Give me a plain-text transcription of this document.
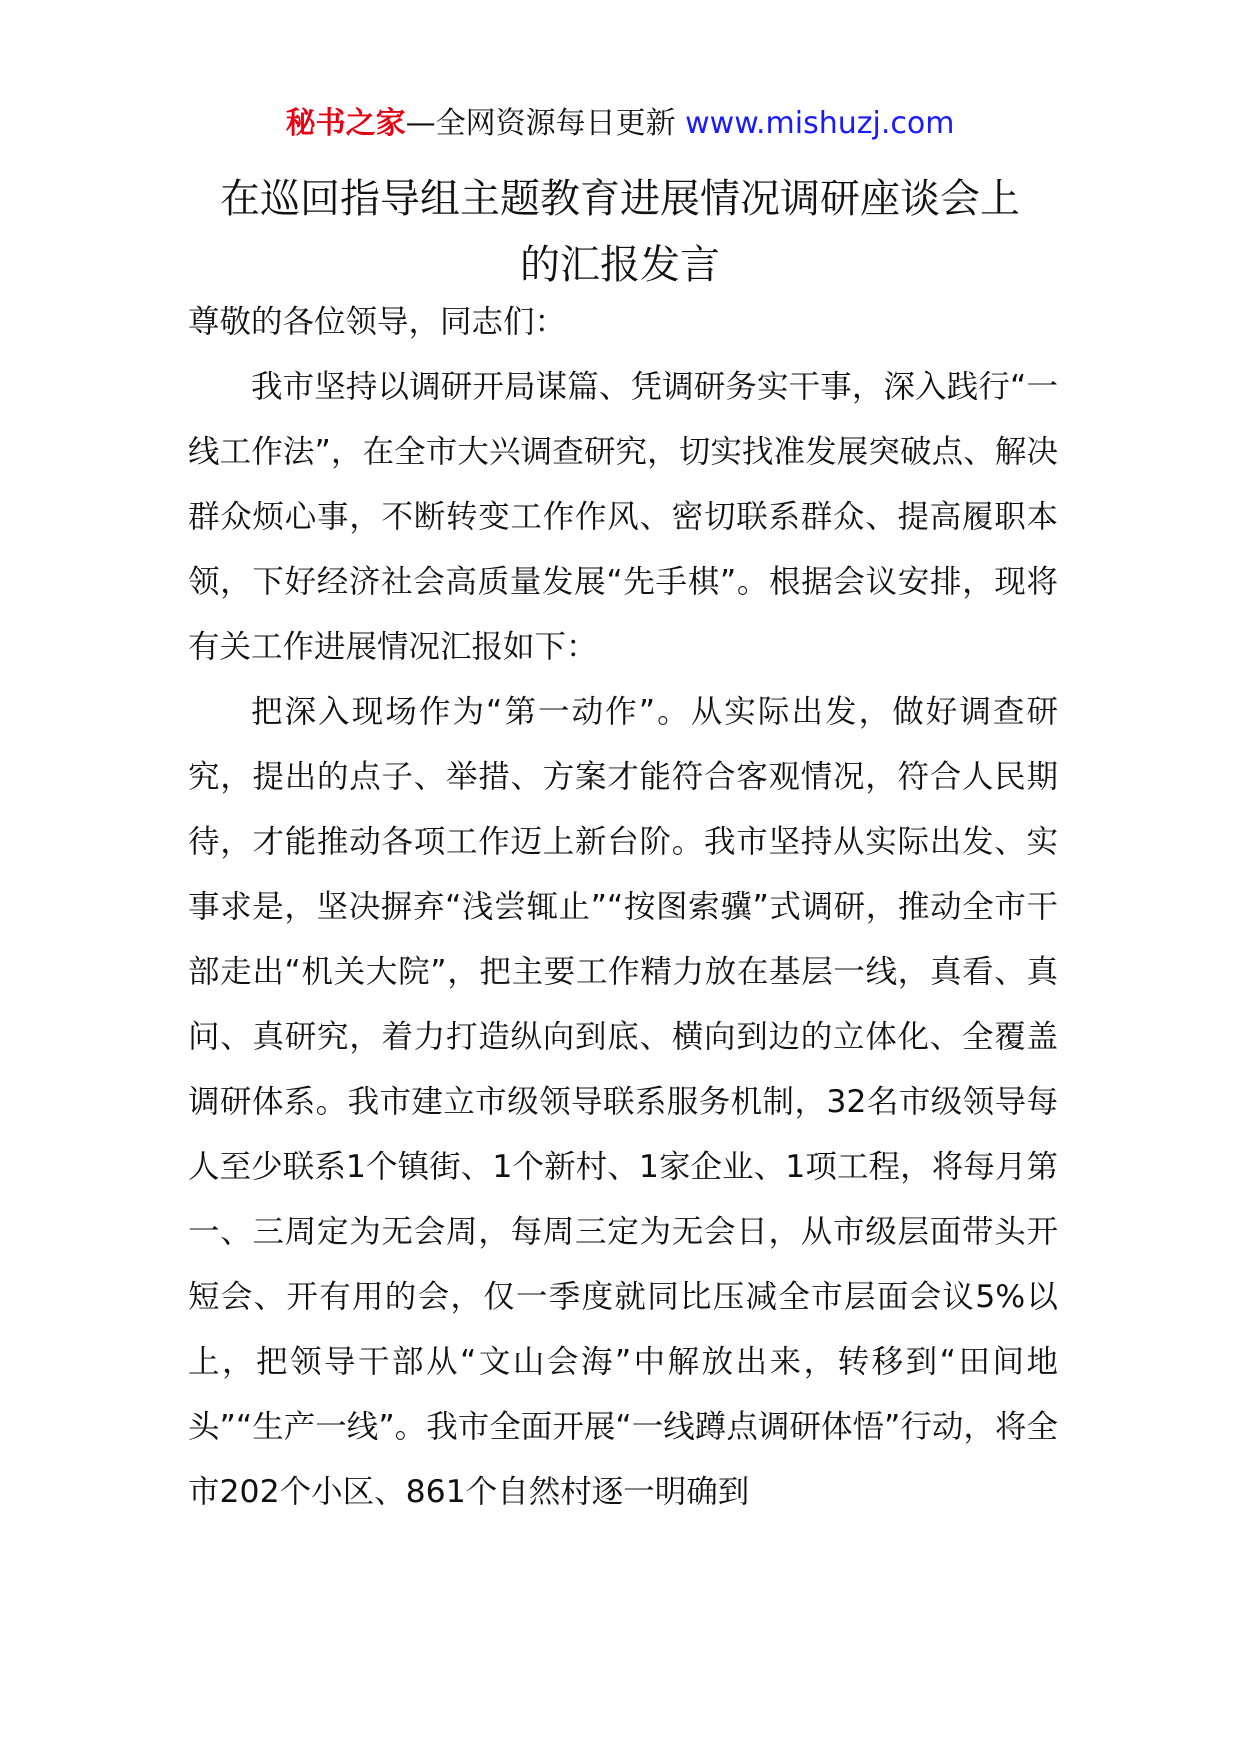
秘书之家—全网资源每日更新 www.mishuzj.com
在巡回指导组主题教育进展情况调研座谈会上
的汇报发言

尊敬的各位领导，同志们：

我市坚持以调研开局谋篇、凭调研务实干事，深入践行“一线工作法”，在全市大兴调查研究，切实找准发展突破点、解决群众烦心事，不断转变工作作风、密切联系群众、提高履职本领，下好经济社会高质量发展“先手棋”。根据会议安排，现将有关工作进展情况汇报如下：

把深入现场作为“第一动作”。从实际出发，做好调查研究，提出的点子、举措、方案才能符合客观情况，符合人民期待，才能推动各项工作迈上新台阶。我市坚持从实际出发、实事求是，坚决摒弃“浅尝辄止”“按图索骥”式调研，推动全市干部走出“机关大院”，把主要工作精力放在基层一线，真看、真问、真研究，着力打造纵向到底、横向到边的立体化、全覆盖调研体系。我市建立市级领导联系服务机制，32名市级领导每人至少联系1个镇街、1个新村、1家企业、1项工程，将每月第一、三周定为无会周，每周三定为无会日，从市级层面带头开短会、开有用的会，仅一季度就同比压减全市层面会议5%以上，把领导干部从“文山会海”中解放出来，转移到“田间地头”“生产一线”。我市全面开展“一线蹲点调研体悟”行动，将全市202个小区、861个自然村逐一明确到
